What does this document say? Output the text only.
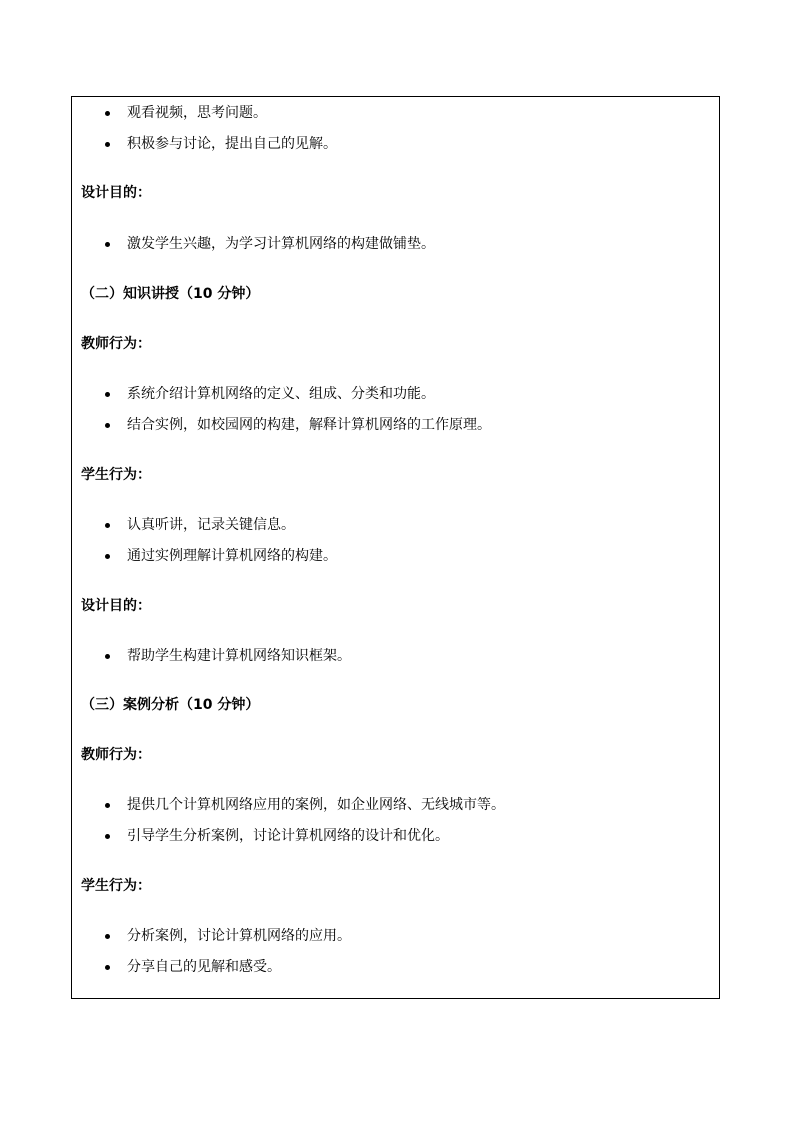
观看视频，思考问题。
积极参与讨论，提出自己的见解。
设计目的：
激发学生兴趣，为学习计算机网络的构建做铺垫。
（二）知识讲授（10 分钟）
教师行为：
系统介绍计算机网络的定义、组成、分类和功能。
结合实例，如校园网的构建，解释计算机网络的工作原理。
学生行为：
认真听讲，记录关键信息。
通过实例理解计算机网络的构建。
设计目的：
帮助学生构建计算机网络知识框架。
（三）案例分析（10 分钟）
教师行为：
提供几个计算机网络应用的案例，如企业网络、无线城市等。
引导学生分析案例，讨论计算机网络的设计和优化。
学生行为：
分析案例，讨论计算机网络的应用。
分享自己的见解和感受。
